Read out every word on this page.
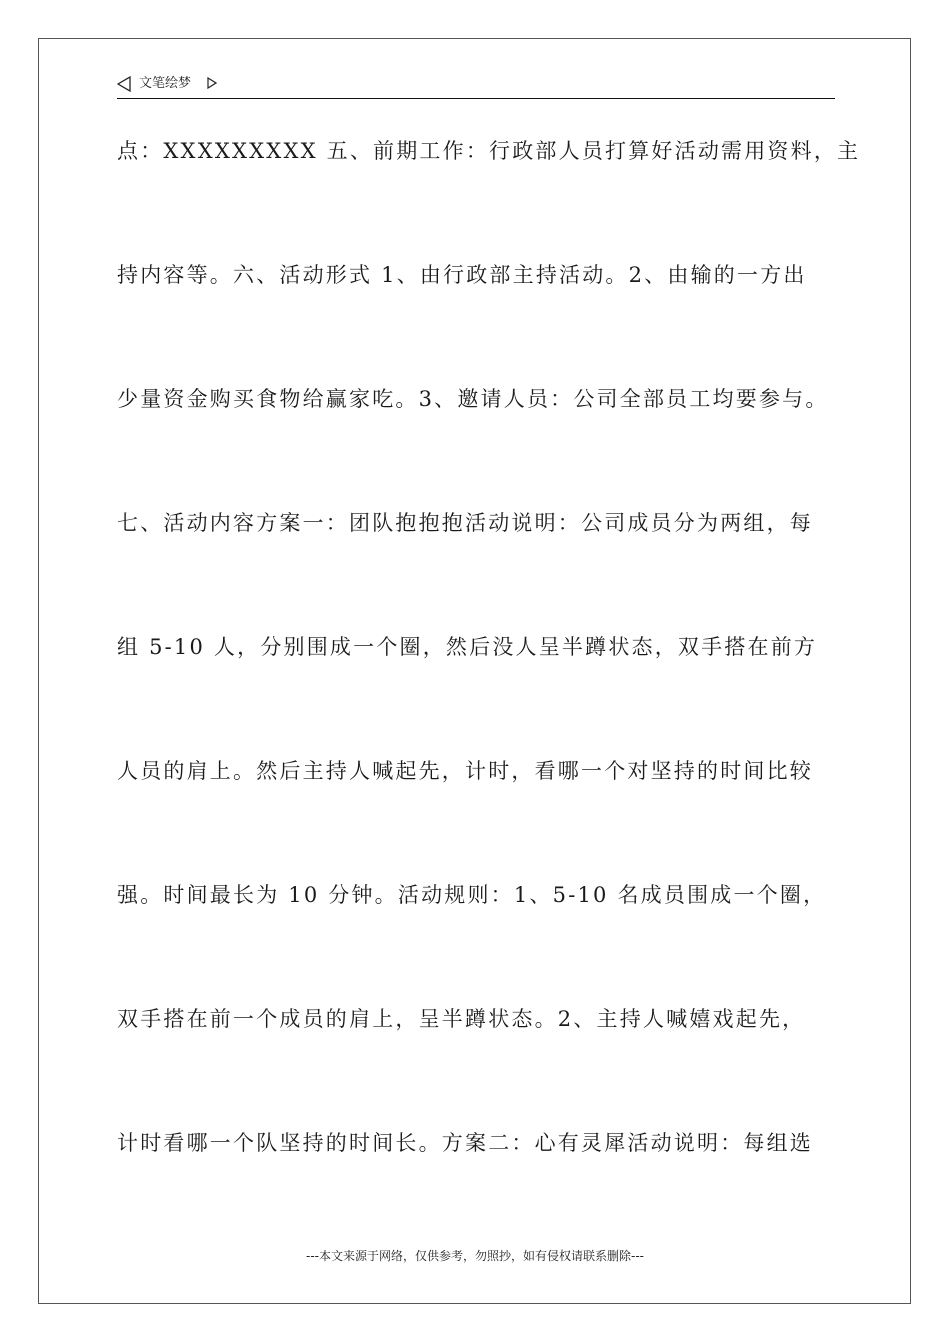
文笔绘梦
点：XXXXXXXXX 五、前期工作：行政部人员打算好活动需用资料，主
持内容等。六、活动形式 1、由行政部主持活动。2、由输的一方出
少量资金购买食物给赢家吃。3、邀请人员：公司全部员工均要参与。
七、活动内容方案一：团队抱抱抱活动说明：公司成员分为两组，每
组 5-10 人，分别围成一个圈，然后没人呈半蹲状态，双手搭在前方
人员的肩上。然后主持人喊起先，计时，看哪一个对坚持的时间比较
强。时间最长为 10 分钟。活动规则：1、5-10 名成员围成一个圈，
双手搭在前一个成员的肩上，呈半蹲状态。2、主持人喊嬉戏起先，
计时看哪一个队坚持的时间长。方案二：心有灵犀活动说明：每组选
---本文来源于网络，仅供参考，勿照抄，如有侵权请联系删除---
